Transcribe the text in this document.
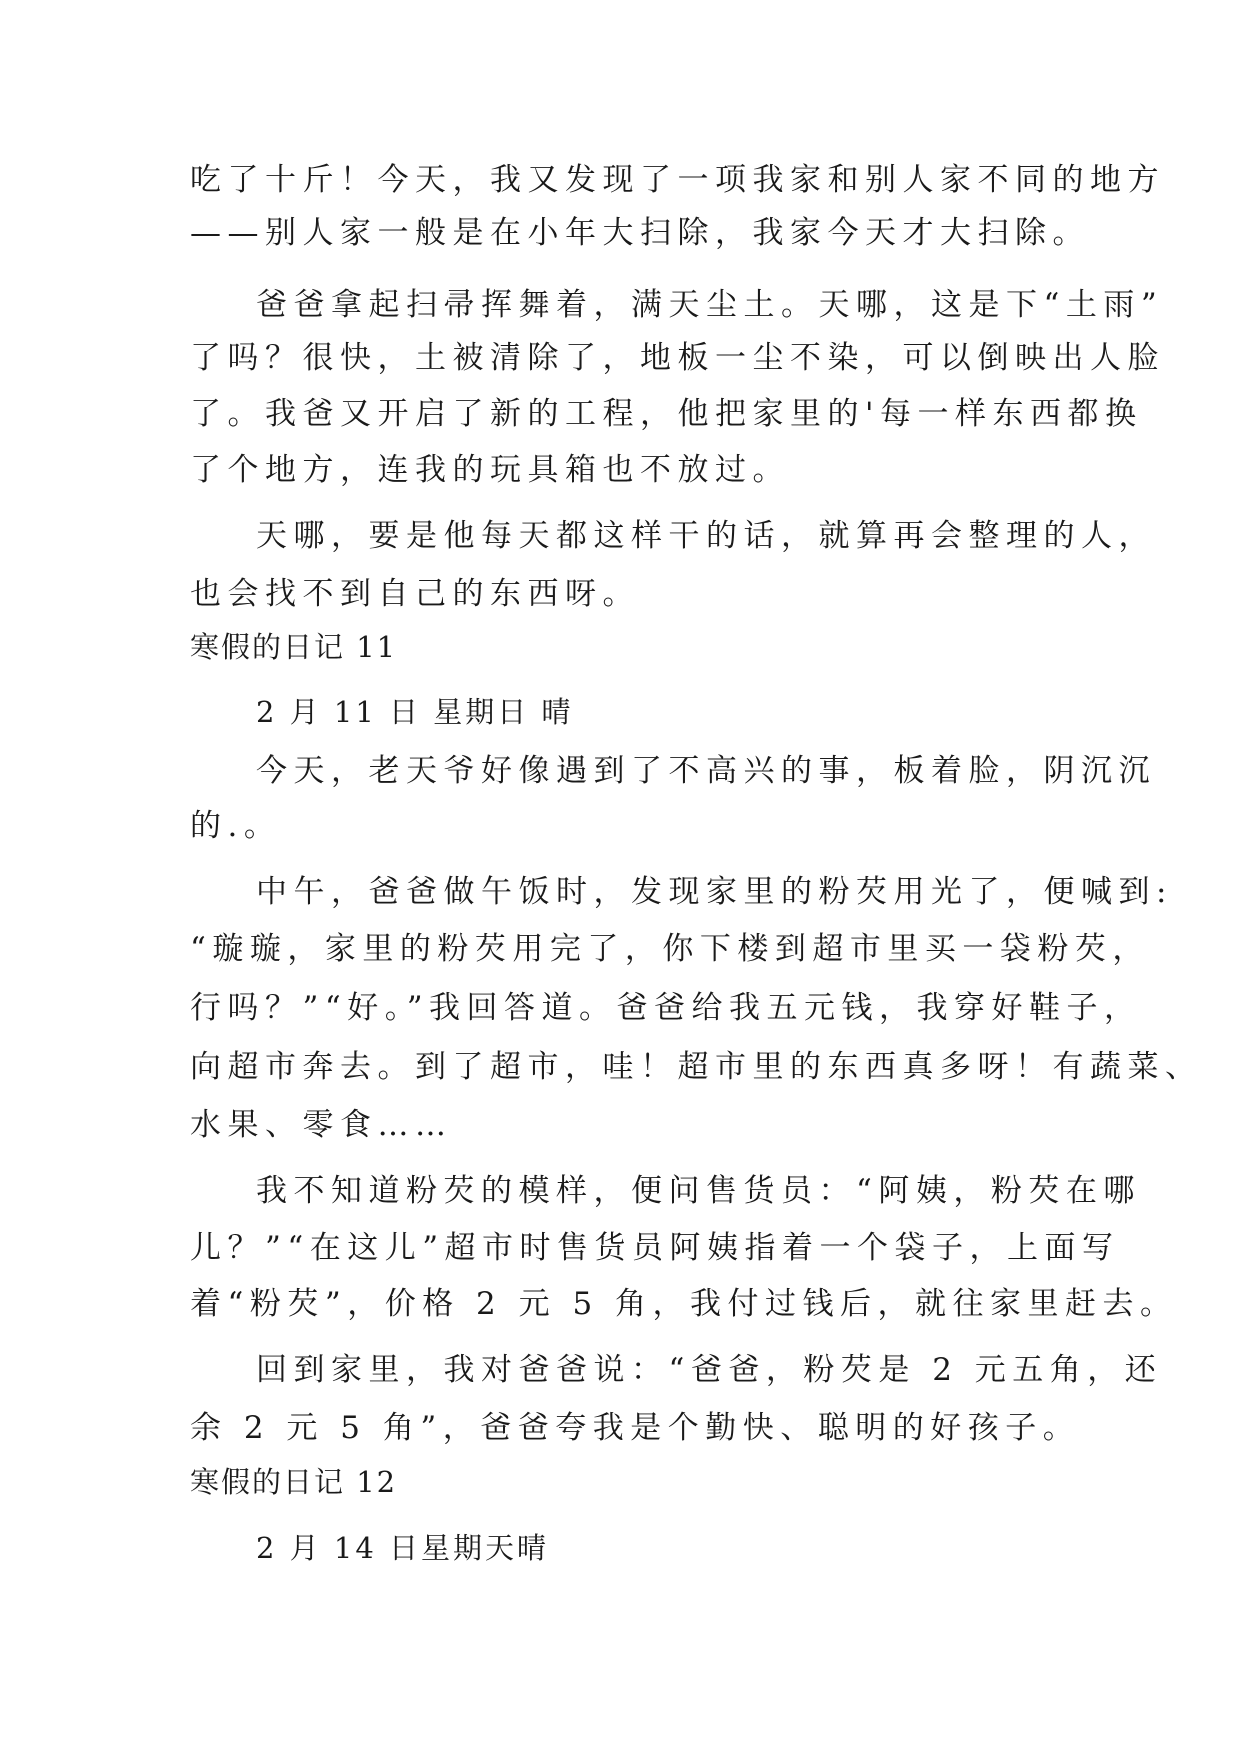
吃了十斤！今天，我又发现了一项我家和别人家不同的地方
——别人家一般是在小年大扫除，我家今天才大扫除。
爸爸拿起扫帚挥舞着，满天尘土。天哪，这是下“土雨”
了吗？很快，土被清除了，地板一尘不染，可以倒映出人脸
了。我爸又开启了新的工程，他把家里的'每一样东西都换
了个地方，连我的玩具箱也不放过。
天哪，要是他每天都这样干的话，就算再会整理的人，
也会找不到自己的东西呀。
寒假的日记 11
2 月 11 日 星期日 晴
今天，老天爷好像遇到了不高兴的事，板着脸，阴沉沉
的.。
中午，爸爸做午饭时，发现家里的粉芡用光了，便喊到:
“璇璇，家里的粉芡用完了，你下楼到超市里买一袋粉芡，
行吗？”“好。”我回答道。爸爸给我五元钱，我穿好鞋子，
向超市奔去。到了超市，哇！超市里的东西真多呀！有蔬菜、
水果、零食……
我不知道粉芡的模样，便问售货员：“阿姨，粉芡在哪
儿？”“在这儿”超市时售货员阿姨指着一个袋子，上面写
着“粉芡”，价格 2 元 5 角，我付过钱后，就往家里赶去。
回到家里，我对爸爸说：“爸爸，粉芡是 2 元五角，还
余 2 元 5 角”，爸爸夸我是个勤快、聪明的好孩子。
寒假的日记 12
2 月 14 日星期天晴
